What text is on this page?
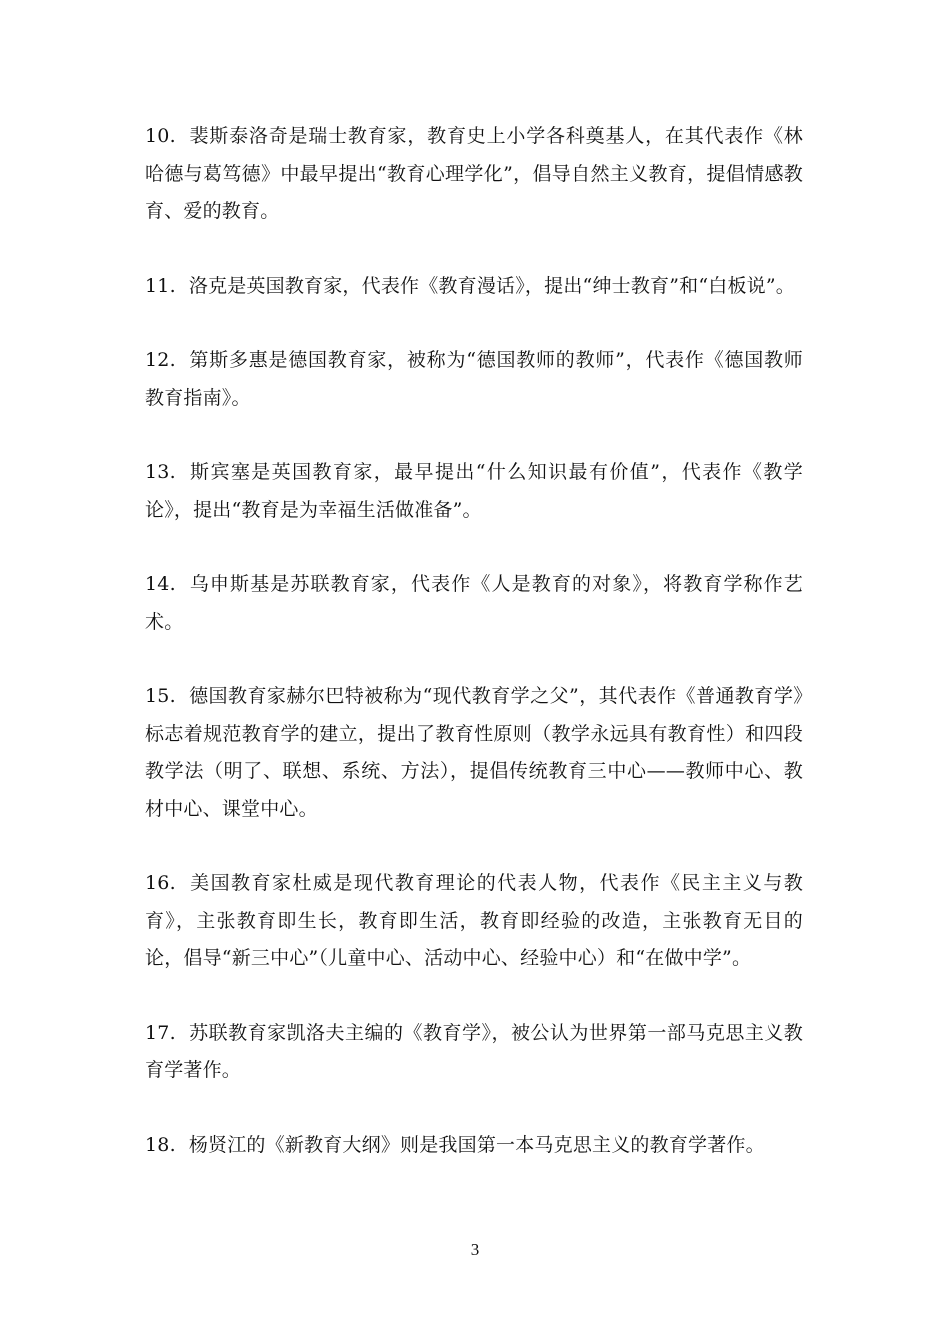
10. 裴斯泰洛奇是瑞士教育家，教育史上小学各科奠基人，在其代表作《林哈德与葛笃德》中最早提出“教育心理学化”，倡导自然主义教育，提倡情感教育、爱的教育。

11. 洛克是英国教育家，代表作《教育漫话》，提出“绅士教育”和“白板说”。

12. 第斯多惠是德国教育家，被称为“德国教师的教师”，代表作《德国教师教育指南》。

13. 斯宾塞是英国教育家，最早提出“什么知识最有价值”，代表作《教学论》，提出“教育是为幸福生活做准备”。

14. 乌申斯基是苏联教育家，代表作《人是教育的对象》，将教育学称作艺术。

15. 德国教育家赫尔巴特被称为“现代教育学之父”，其代表作《普通教育学》标志着规范教育学的建立，提出了教育性原则（教学永远具有教育性）和四段教学法（明了、联想、系统、方法），提倡传统教育三中心——教师中心、教材中心、课堂中心。

16. 美国教育家杜威是现代教育理论的代表人物，代表作《民主主义与教育》，主张教育即生长，教育即生活，教育即经验的改造，主张教育无目的论，倡导“新三中心”（儿童中心、活动中心、经验中心）和“在做中学”。

17. 苏联教育家凯洛夫主编的《教育学》，被公认为世界第一部马克思主义教育学著作。

18. 杨贤江的《新教育大纲》则是我国第一本马克思主义的教育学著作。

3
